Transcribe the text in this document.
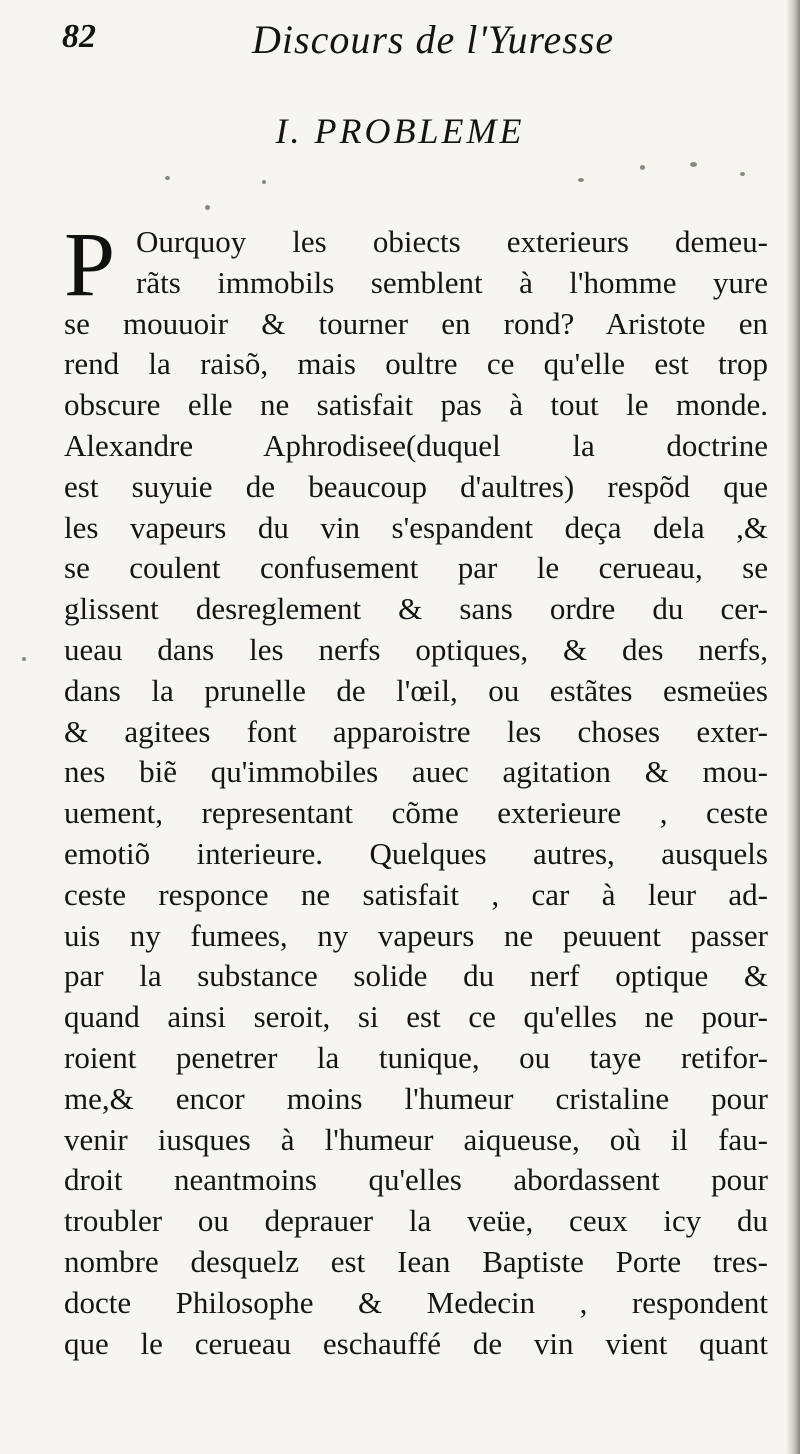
82	Discours de l'Yuresse
I. PROBLEME
P Ourquoy les obiects exterieurs demeu-
rãts immobils semblent à l'homme yure
se mouuoir & tourner en rond? Aristote en
rend la raisõ, mais oultre ce qu'elle est trop
obscure elle ne satisfait pas à tout le monde.
Alexandre Aphrodisee(duquel la doctrine
est suyuie de beaucoup d'aultres) respõd que
les vapeurs du vin s'espandent deça dela ,&
se coulent confusement par le cerueau, se
glissent desreglement & sans ordre du cer-
ueau dans les nerfs optiques, & des nerfs,
dans la prunelle de l'œil, ou estãtes esmeües
& agitees font apparoistre les choses exter-
nes biẽ qu'immobiles auec agitation & mou-
uement, representant cõme exterieure , ceste
emotiõ interieure. Quelques autres, ausquels
ceste responce ne satisfait , car à leur ad-
uis ny fumees, ny vapeurs ne peuuent passer
par la substance solide du nerf optique &
quand ainsi seroit, si est ce qu'elles ne pour-
roient penetrer la tunique, ou taye retifor-
me,& encor moins l'humeur cristaline pour
venir iusques à l'humeur aiqueuse, où il fau-
droit neantmoins qu'elles abordassent pour
troubler ou deprauer la veüe, ceux icy du
nombre desquelz est Iean Baptiste Porte tres-
docte Philosophe & Medecin , respondent
que le cerueau eschauffé de vin vient quant
